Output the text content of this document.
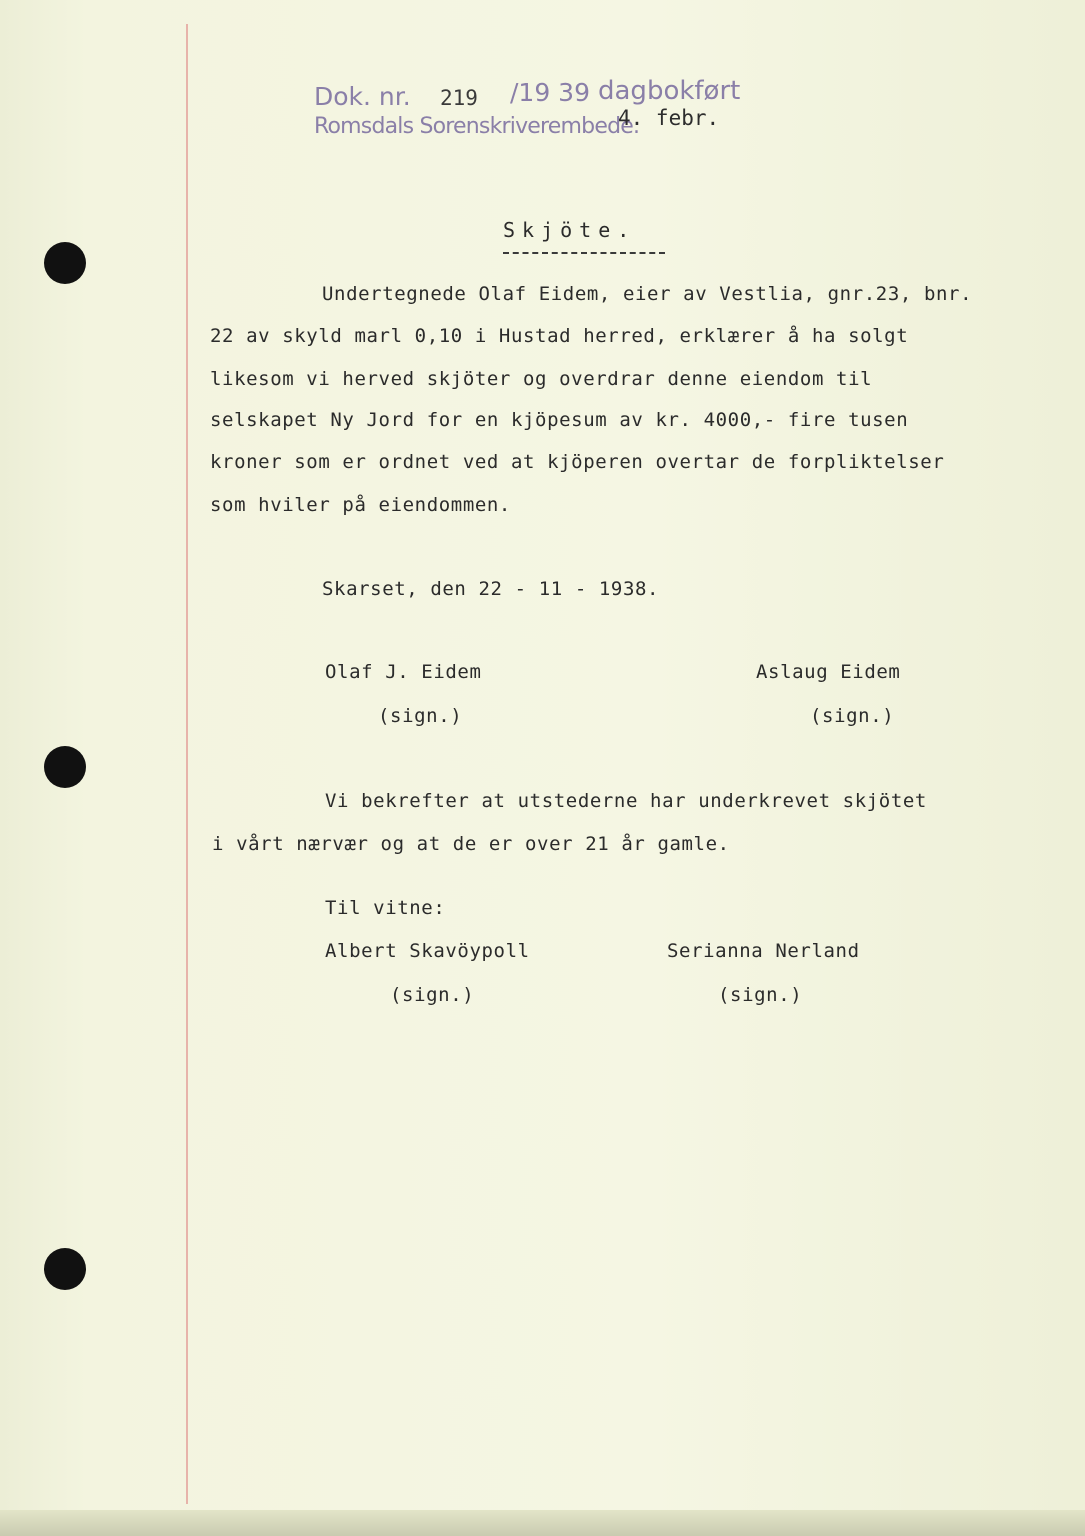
Dok. nr. 219 /19 39 dagbokført
Romsdals Sorenskriverembede.
4. febr.
Skjöte.
Undertegnede Olaf Eidem, eier av Vestlia, gnr.23, bnr.
22 av skyld marl 0,10 i Hustad herred, erklærer å ha solgt
likesom vi herved skjöter og overdrar denne eiendom til
selskapet Ny Jord for en kjöpesum av kr. 4000,- fire tusen
kroner som er ordnet ved at kjöperen overtar de forpliktelser
som hviler på eiendommen.
Skarset, den 22 - 11 - 1938.
Olaf J. Eidem
(sign.)
Aslaug Eidem
(sign.)
Vi bekrefter at utstederne har underkrevet skjötet
i vårt nærvær og at de er over 21 år gamle.
Til vitne:
Albert Skavöypoll
(sign.)
Serianna Nerland
(sign.)
